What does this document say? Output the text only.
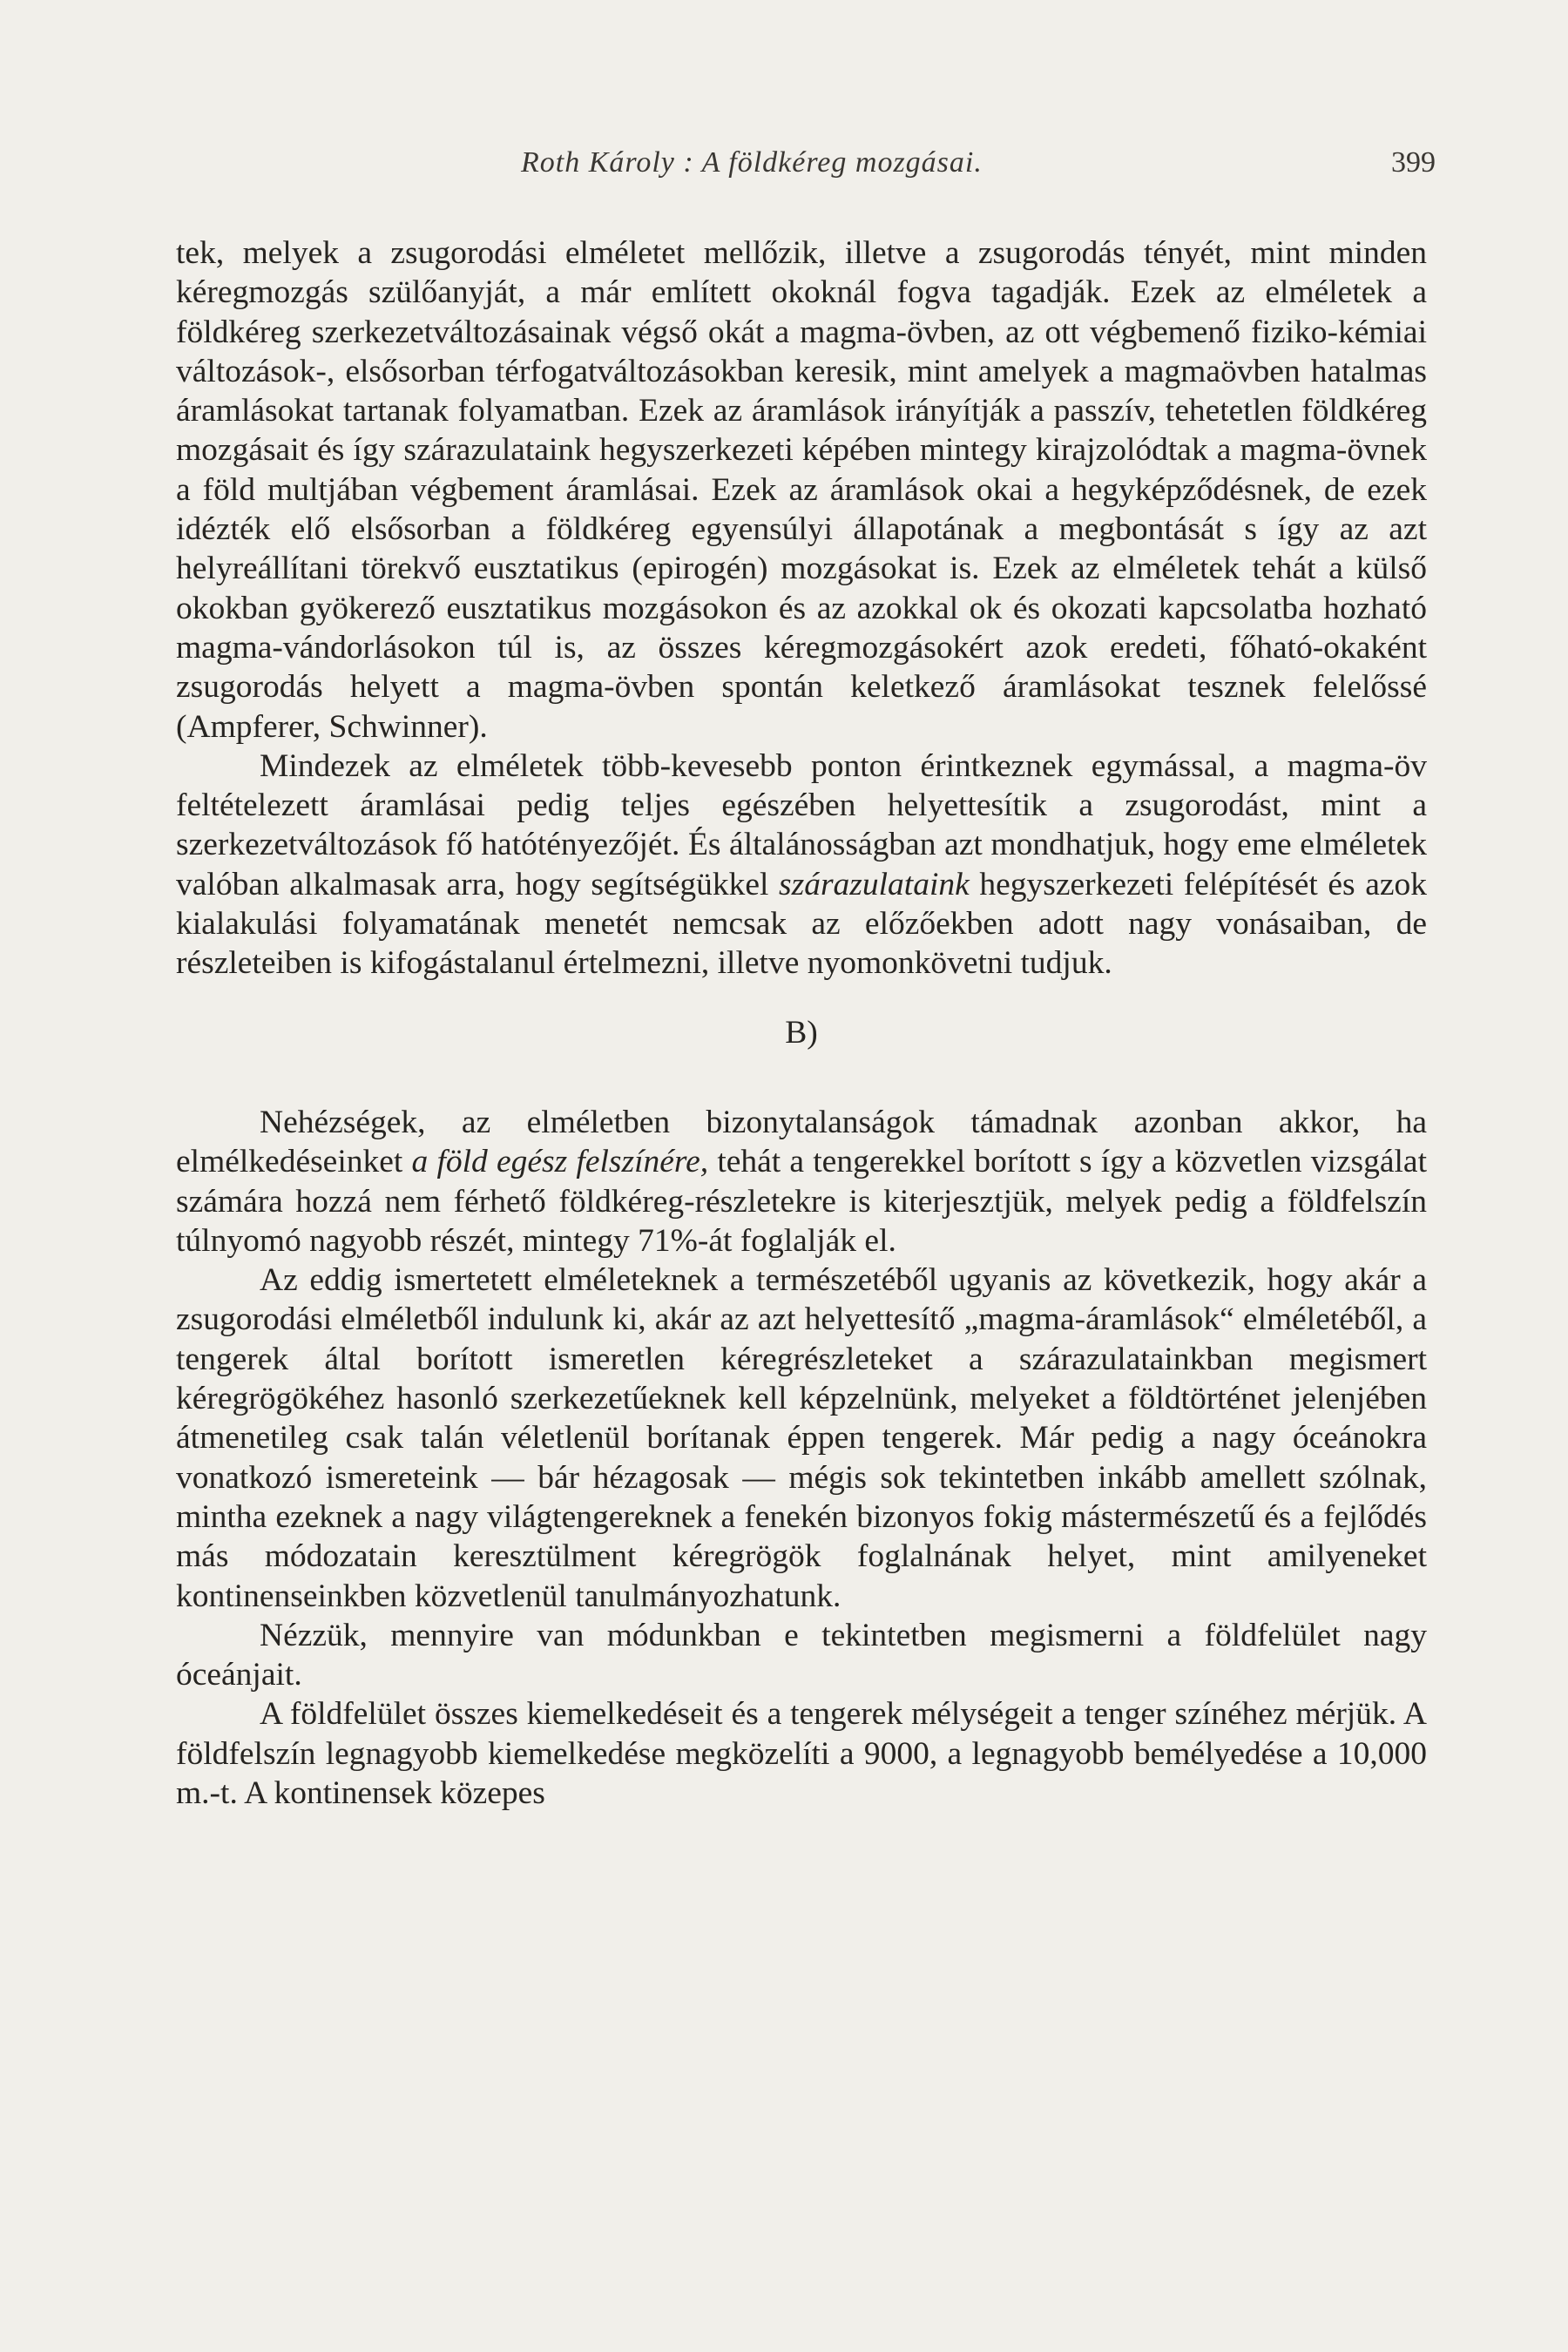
Roth Károly : A földkéreg mozgásai.	399

tek, melyek a zsugorodási elméletet mellőzik, illetve a zsugorodás tényét, mint minden kéregmozgás szülőanyját, a már említett okoknál fogva tagadják. Ezek az elméletek a földkéreg szerkezetváltozásainak végső okát a magma-övben, az ott végbemenő fiziko-kémiai változások-, elsősorban térfogatváltozásokban keresik, mint amelyek a magmaövben hatalmas áramlásokat tartanak folyamatban. Ezek az áramlások irányítják a passzív, tehetetlen földkéreg mozgásait és így szárazulataink hegyszerkezeti képében mintegy kirajzolódtak a magma-övnek a föld multjában végbement áramlásai. Ezek az áramlások okai a hegyképződésnek, de ezek idézték elő elsősorban a földkéreg egyensúlyi állapotának a megbontását s így az azt helyreállítani törekvő eusztatikus (epirogén) mozgásokat is. Ezek az elméletek tehát a külső okokban gyökerező eusztatikus mozgásokon és az azokkal ok és okozati kapcsolatba hozható magma-vándorlásokon túl is, az összes kéregmozgásokért azok eredeti, főható-okaként zsugorodás helyett a magma-övben spontán keletkező áramlásokat tesznek felelőssé (Ampferer, Schwinner).

Mindezek az elméletek több-kevesebb ponton érintkeznek egymással, a magma-öv feltételezett áramlásai pedig teljes egészében helyettesítik a zsugorodást, mint a szerkezetváltozások fő hatótényezőjét. És általánosságban azt mondhatjuk, hogy eme elméletek valóban alkalmasak arra, hogy segítségükkel szárazulataink hegyszerkezeti felépítését és azok kialakulási folyamatának menetét nemcsak az előzőekben adott nagy vonásaiban, de részleteiben is kifogástalanul értelmezni, illetve nyomonkövetni tudjuk.

B)

Nehézségek, az elméletben bizonytalanságok támadnak azonban akkor, ha elmélkedéseinket a föld egész felszínére, tehát a tengerekkel borított s így a közvetlen vizsgálat számára hozzá nem férhető földkéreg-részletekre is kiterjesztjük, melyek pedig a földfelszín túlnyomó nagyobb részét, mintegy 71%-át foglalják el.

Az eddig ismertetett elméleteknek a természetéből ugyanis az következik, hogy akár a zsugorodási elméletből indulunk ki, akár az azt helyettesítő „magma-áramlások“ elméletéből, a tengerek által borított ismeretlen kéregrészleteket a szárazulatainkban megismert kéregrögökéhez hasonló szerkezetűeknek kell képzelnünk, melyeket a földtörténet jelenjében átmenetileg csak talán véletlenül borítanak éppen tengerek. Már pedig a nagy óceánokra vonatkozó ismereteink — bár hézagosak — mégis sok tekintetben inkább amellett szólnak, mintha ezeknek a nagy világtengereknek a fenekén bizonyos fokig mástermészetű és a fejlődés más módozatain keresztülment kéregrögök foglalnának helyet, mint amilyeneket kontinenseinkben közvetlenül tanulmányozhatunk.

Nézzük, mennyire van módunkban e tekintetben megismerni a földfelület nagy óceánjait.

A földfelület összes kiemelkedéseit és a tengerek mélységeit a tenger színéhez mérjük. A földfelszín legnagyobb kiemelkedése megközelíti a 9000, a legnagyobb bemélyedése a 10,000 m.-t. A kontinensek közepes
